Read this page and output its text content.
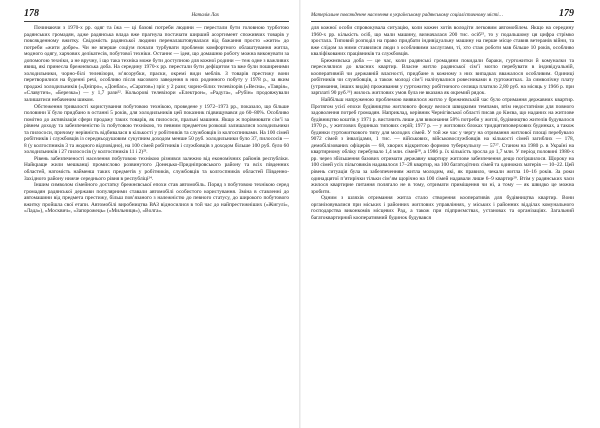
178	Наталія Лах

Починаючи з 1970-х рр. одяг та їжа — ці базові потреби людини — перестали бути головною турботою радянських громадян, адже радянська влада вже прагнула постачати ширший асортимент споживчих товарів у повсякденному вжитку. Свідомість радянської людини переналаштовувалася від бажання просто «жити» до потреби «жити добре». Чи не вперше соціум почали турбувати проблеми комфортного облаштування житла, модного одягу, харчових делікатесів, побутової техніки. Останнє — ідея, що домашню роботу можна виконувати за допомогою техніки, а не вручну, і що така техніка може бути доступною для кожної родини — теж одне з важливих явищ, які принесла брежнєвська доба. На середину 1970-х рр. перестали бути дефіцитом та вже були поширеними холодильники, чорно-білі телевізори, м’ясорубки, праски, окремі види меблів. З товарів престижу вони перетворилися на буденні речі, особливо після масового заведення в них родинного побуту у 1978 р., за яким продажі холодильників («Дніпро», «Донбас», «Саратов») зріс у 2 рази; чорно-білих телевізорів («Весна», «Таврія», «Славутич», «Березка») — у 1,7 рази²². Кольорові телевізори «Електрон», «Радуга», «Рубін» продовжували залишатися небаченим шиком.

Обстеження тривалості користування побутовою технікою, проведене у 1972–1973 рр., показало, що більше половини її було придбано в останні 5 років, для холодильників цей показник підвищувався до 60–80%. Особливо помітно до активізація сфери продажу таких товарів, як пилососи, пральні машини. Якщо ж порівнювати сім’ї за рівнем доходу та забезпеченістю їх побутовою технікою, то певним предметом розкоші залишалися холодильники та пилососи, причому нерівність відбивалася в кількості у робітників та службовців із колгоспниками. На 100 сімей робітників і службовців із середньодушовим сукупним доходом менше 50 руб. холодильники було 37, пилососів — 8 (у колгоспників 3 та жодного відповідно), на 100 сімей робітників і службовців з доходом більше 100 руб. було 60 холодильників і 27 пилососів (у колгоспників 11 і 2)²³.

Рівень забезпеченості населення побутовою технікою різнився залежно від економічних районів республіки. Найкраще жили мешканці промислово розвинутого Донецько-Придніпровського району та всіх південних областей, натомість найменш таких предметів у робітників, службовців та колгоспників областей Південно-Західного району нижче середнього рівня в республіці²⁴.

Іншим символом сімейного достатку брежнєвської епохи став автомобіль. Поряд з побутовою технікою серед громадян радянської держави популярними ставали автомобілі особистого користування. Зміна в ставленні до автомашини від предмета престижу, більш пов’язаного з належністю до певного статусу, до широкого побутового вжитку пройшла свої етапи. Автомобілі виробництва ВАЗ відносилися в той час до найпрестижніших («Жигулі», «Лада»), «Москвич», «Запорожець» («Мильниця»), «Волга».

Матеріальне повсякденне населення в українському радянському соціалістичному місті…	179

для кожної особи спровокувала ситуацію, коли кожен хотів володіти легковим автомобілем. Якщо на середину 1960-х рр. кількість осіб, що мали машину, визначалася 200 тис. осіб²⁵, то у подальшому ця цифра стрімко зростала. Типовий розподіл на право придбати індивідуальну машину на перше місце ставив ветеранів війни, та вже слідом за ними ставилися люди з особливими заслугами, ті, хто стаж роботи мав більше 10 років, особливо кваліфікованих працівників та службовців.

Брежнєвська доба — це час, коли радянські громадяни покидали бараки, гуртожитки й комуналки та переселялися до власних квартир. Власне житло радянської сім’ї могло перебувати в індивідуальній, кооперативній чи державній власності, придбане в кожному з них випадках вважалося особливим. Одиниці робітників чи службовців, а також молоді сім’ї налічувалися ровесниками в гуртожитках. За символічну плату (утримання, інших видів) проживання у гуртожитку робітничого селища платило 2,80 руб. на місяць у 1966 р. при зарплаті 90 руб.²⁶) жилось житлових умов була не вказана як окремий рядок.

Найбільш напруженою проблемою виявилося житло у брежнєвській час було отримання державних квартир. Протягом усієї епохи будівництво житлового фонду велося швидкими темпами, втім недостатніми для повного задоволення потреб громадян. Наприклад, керівник Чернігівської області писав до Києва, що наданих на житлове будівництво коштів у 1971 р. вистачить лише для виконання 58% потреби у житлі, будівництво жителів будувалося 1970 р., у житлових будинках типових серій; 1977 р. — у житлових блоках тридцятиповерхових будинках, а також будинки гуртожиткового типу для молодих сімей. У той же час у чергу на отримання житлової площі перебувало 9072 сімей з інвалідами, 1 тис. — військових, військовослужбовців на кількості сімей загиблих — 178, демобілізованих офіцерів — 68, хворих відкритою формою туберкульозу — 57²⁷. Станом на 1980 р. в Україні на квартирному обліку перебувало 1,4 млн. сімей²⁸, а 1986 р. їх кількість зросла до 1,7 млн. У період половині 1980-х рр. через збільшення базових отримати державну квартиру житлове забезпечення дещо погіршилося. Щороку на 100 сімей усіх пільговиків надавалося 17–28 квартир, на 100 багатодітних сімей та одиноких матерів — 10–22. Цей рівень ситуація була за забезпеченням житла молодим, які, як правило, чекали житла 10–16 років. За роки одинадцятої п’ятирічки тільки сім’ям щорічно на 100 сімей надавали лише 6–9 квартир²⁹. Втім у радянських часи жилося квартирне питання полягало не в тому, отримати приміщення чи ні, а тому — як швидко це можна зробити.

Одним з шляхів отримання житла стало створення кооперативів для будівництва квартир. Вони організовувалися при міських і районних житлових управліннях, у міських і районних відділах комунального господарства виконкомів місцевих Рад, а також при підприємствах, установах та організаціях. Загальний багатоквартирний кооперативний будинок будувався
